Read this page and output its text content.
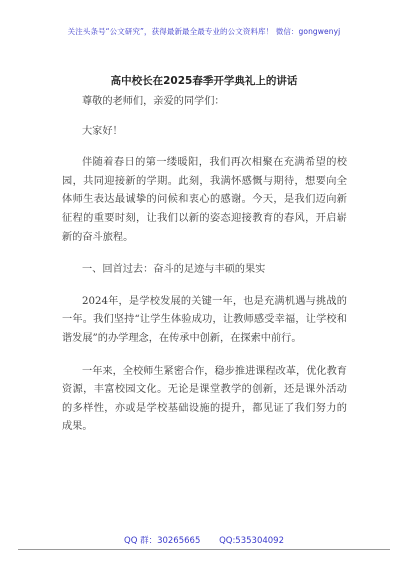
关注头条号“公文研究”，获得最新最全最专业的公文资料库！ 微信：gongwenyj
高中校长在2025春季开学典礼上的讲话

尊敬的老师们，亲爱的同学们：

大家好！

伴随着春日的第一缕暖阳，我们再次相聚在充满希望的校园，共同迎接新的学期。此刻，我满怀感慨与期待，想要向全体师生表达最诚挚的问候和衷心的感谢。今天，是我们迈向新征程的重要时刻，让我们以新的姿态迎接教育的春风，开启崭新的奋斗旅程。

一、回首过去：奋斗的足迹与丰硕的果实

2024年，是学校发展的关键一年，也是充满机遇与挑战的一年。我们坚持“让学生体验成功，让教师感受幸福，让学校和谐发展”的办学理念，在传承中创新，在探索中前行。

一年来，全校师生紧密合作，稳步推进课程改革，优化教育资源，丰富校园文化。无论是课堂教学的创新，还是课外活动的多样性，亦或是学校基础设施的提升，都见证了我们努力的成果。

QQ 群：30265665 QQ:535304092
